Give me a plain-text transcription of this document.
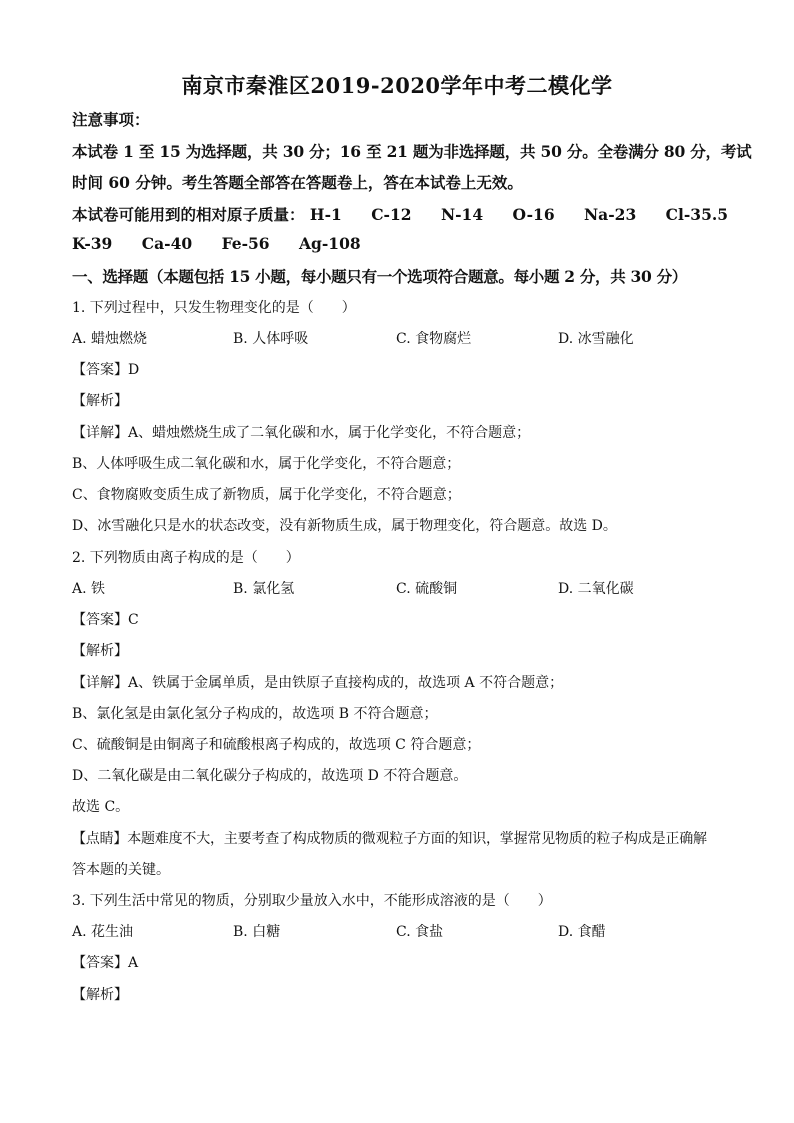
南京市秦淮区2019-2020学年中考二模化学
注意事项：
本试卷 1 至 15 为选择题，共 30 分；16 至 21 题为非选择题，共 50 分。全卷满分 80 分，考试
时间 60 分钟。考生答题全部答在答题卷上，答在本试卷上无效。
本试卷可能用到的相对原子质量： H-1 C-12 N-14 O-16 Na-23 Cl-35.5
K-39 Ca-40 Fe-56 Ag-108
一、选择题（本题包括 15 小题，每小题只有一个选项符合题意。每小题 2 分，共 30 分）
1. 下列过程中，只发生物理变化的是（　　）
A. 蜡烛燃烧	B. 人体呼吸	C. 食物腐烂	D. 冰雪融化
【答案】D
【解析】
【详解】A、蜡烛燃烧生成了二氧化碳和水，属于化学变化，不符合题意；
B、人体呼吸生成二氧化碳和水，属于化学变化，不符合题意；
C、食物腐败变质生成了新物质，属于化学变化，不符合题意；
D、冰雪融化只是水的状态改变，没有新物质生成，属于物理变化，符合题意。故选 D。
2. 下列物质由离子构成的是（　　）
A. 铁	B. 氯化氢	C. 硫酸铜	D. 二氧化碳
【答案】C
【解析】
【详解】A、铁属于金属单质，是由铁原子直接构成的，故选项 A 不符合题意；
B、氯化氢是由氯化氢分子构成的，故选项 B 不符合题意；
C、硫酸铜是由铜离子和硫酸根离子构成的，故选项 C 符合题意；
D、二氧化碳是由二氧化碳分子构成的，故选项 D 不符合题意。
故选 C。
【点睛】本题难度不大，主要考查了构成物质的微观粒子方面的知识，掌握常见物质的粒子构成是正确解
答本题的关键。
3. 下列生活中常见的物质，分别取少量放入水中，不能形成溶液的是（　　）
A. 花生油	B. 白糖	C. 食盐	D. 食醋
【答案】A
【解析】
